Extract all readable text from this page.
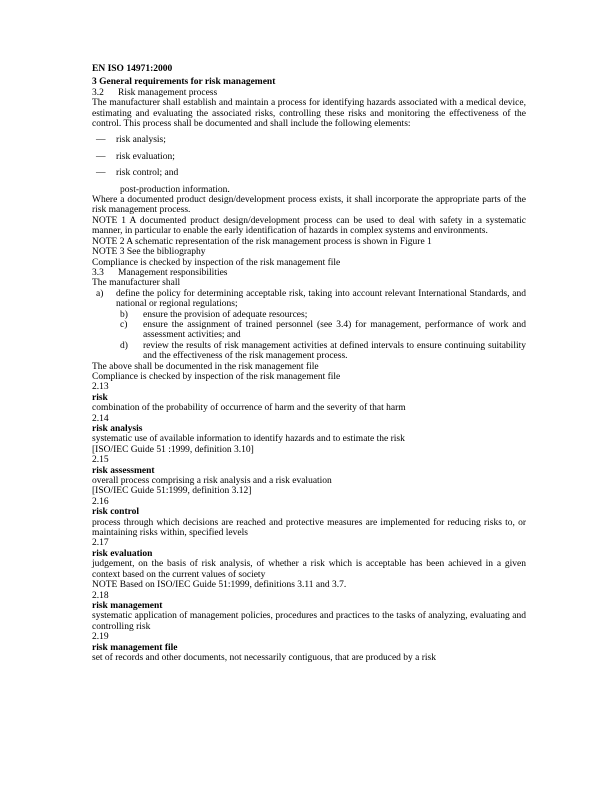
EN ISO 14971:2000
3 General requirements for risk management
3.2 Risk management process
The manufacturer shall establish and maintain a process for identifying hazards associated with a medical device, estimating and evaluating the associated risks, controlling these risks and monitoring the effectiveness of the control. This process shall be documented and shall include the following elements:
—	risk analysis;
—	risk evaluation;
—	risk control; and
post-production information.
Where a documented product design/development process exists, it shall incorporate the appropriate parts of the risk management process.
NOTE 1 A documented product design/development process can be used to deal with safety in a systematic manner, in particular to enable the early identification of hazards in complex systems and environments.
NOTE 2 A schematic representation of the risk management process is shown in Figure 1
NOTE 3 See the bibliography
Compliance is checked by inspection of the risk management file
3.3 Management responsibilities
The manufacturer shall
a)	define the policy for determining acceptable risk, taking into account relevant International Standards, and national or regional regulations;
b)	ensure the provision of adequate resources;
c)	ensure the assignment of trained personnel (see 3.4) for management, performance of work and assessment activities; and
d)	review the results of risk management activities at defined intervals to ensure continuing suitability and the effectiveness of the risk management process.
The above shall be documented in the risk management file
Compliance is checked by inspection of the risk management file
2.13
risk
combination of the probability of occurrence of harm and the severity of that harm
2.14
risk analysis
systematic use of available information to identify hazards and to estimate the risk
[ISO/IEC Guide 51 :1999, definition 3.10]
2.15
risk assessment
overall process comprising a risk analysis and a risk evaluation
[ISO/IEC Guide 51:1999, definition 3.12]
2.16
risk control
process through which decisions are reached and protective measures are implemented for reducing risks to, or maintaining risks within, specified levels
2.17
risk evaluation
judgement, on the basis of risk analysis, of whether a risk which is acceptable has been achieved in a given context based on the current values of society
NOTE Based on ISO/IEC Guide 51:1999, definitions 3.11 and 3.7.
2.18
risk management
systematic application of management policies, procedures and practices to the tasks of analyzing, evaluating and controlling risk
2.19
risk management file
set of records and other documents, not necessarily contiguous, that are produced by a risk
